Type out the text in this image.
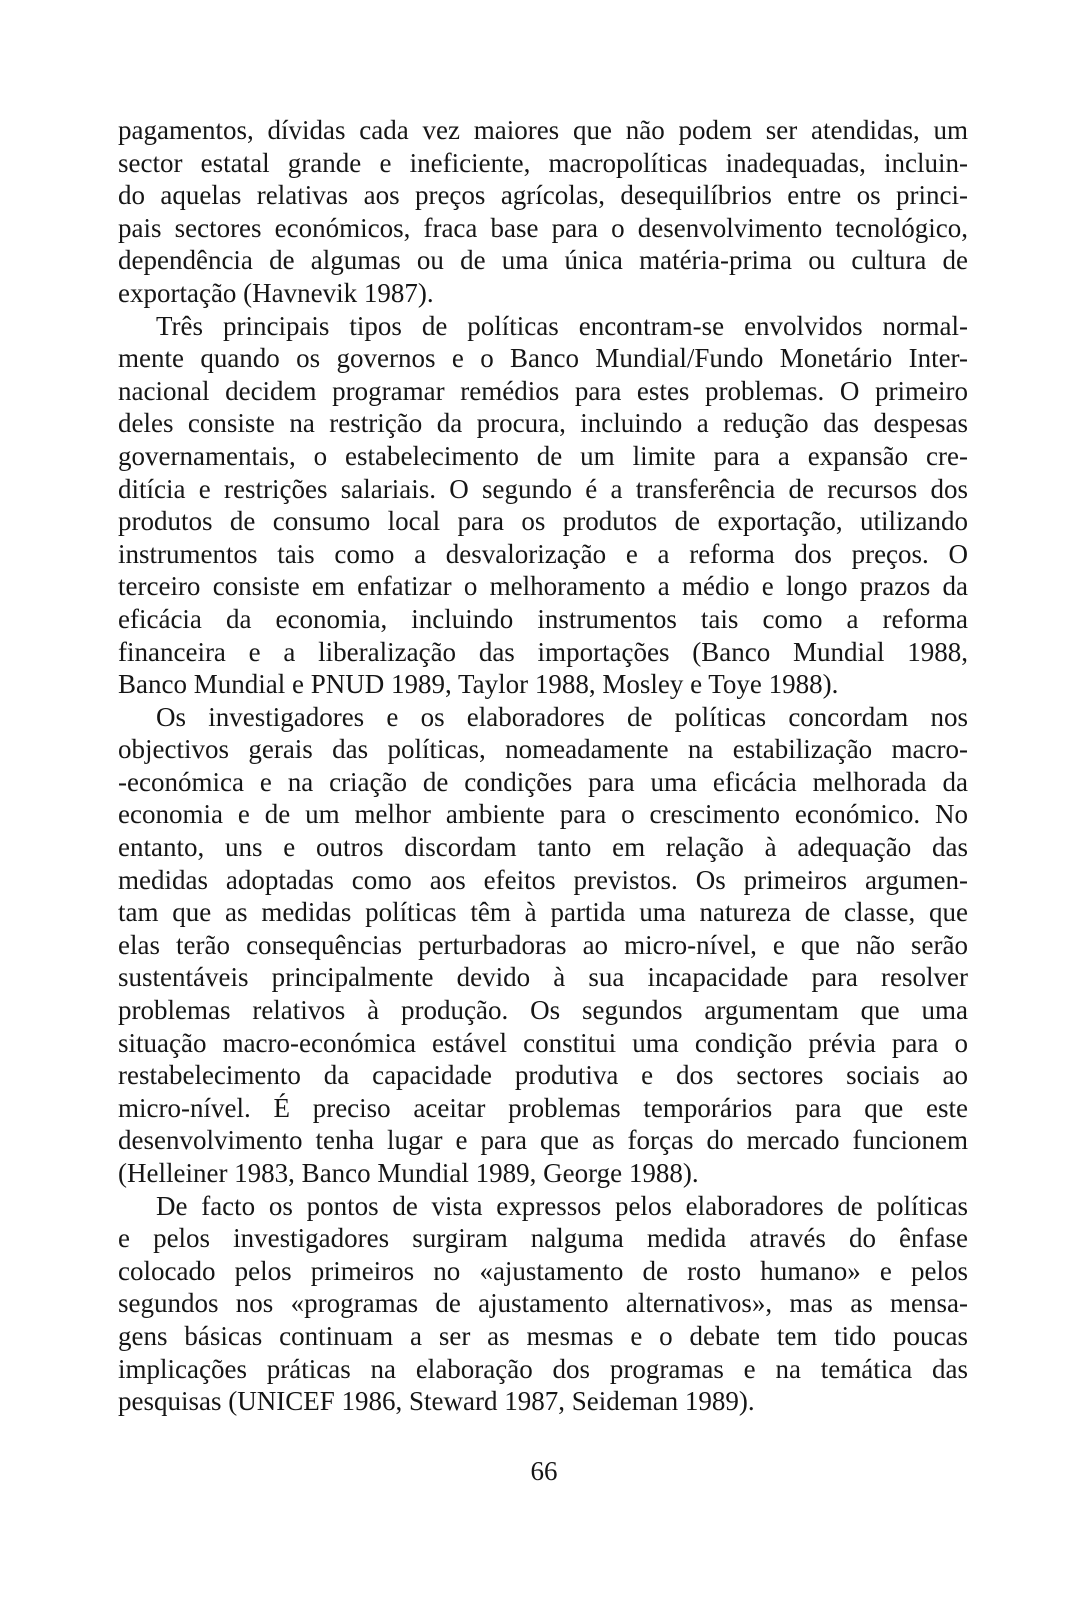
pagamentos, dívidas cada vez maiores que não podem ser atendidas, um
sector estatal grande e ineficiente, macropolíticas inadequadas, incluin-
do aquelas relativas aos preços agrícolas, desequilíbrios entre os princi-
pais sectores económicos, fraca base para o desenvolvimento tecnológico,
dependência de algumas ou de uma única matéria-prima ou cultura de
exportação (Havnevik 1987).
Três principais tipos de políticas encontram-se envolvidos normal-
mente quando os governos e o Banco Mundial/Fundo Monetário Inter-
nacional decidem programar remédios para estes problemas. O primeiro
deles consiste na restrição da procura, incluindo a redução das despesas
governamentais, o estabelecimento de um limite para a expansão cre-
ditícia e restrições salariais. O segundo é a transferência de recursos dos
produtos de consumo local para os produtos de exportação, utilizando
instrumentos tais como a desvalorização e a reforma dos preços. O
terceiro consiste em enfatizar o melhoramento a médio e longo prazos da
eficácia da economia, incluindo instrumentos tais como a reforma
financeira e a liberalização das importações (Banco Mundial 1988,
Banco Mundial e PNUD 1989, Taylor 1988, Mosley e Toye 1988).
Os investigadores e os elaboradores de políticas concordam nos
objectivos gerais das políticas, nomeadamente na estabilização macro-
-económica e na criação de condições para uma eficácia melhorada da
economia e de um melhor ambiente para o crescimento económico. No
entanto, uns e outros discordam tanto em relação à adequação das
medidas adoptadas como aos efeitos previstos. Os primeiros argumen-
tam que as medidas políticas têm à partida uma natureza de classe, que
elas terão consequências perturbadoras ao micro-nível, e que não serão
sustentáveis principalmente devido à sua incapacidade para resolver
problemas relativos à produção. Os segundos argumentam que uma
situação macro-económica estável constitui uma condição prévia para o
restabelecimento da capacidade produtiva e dos sectores sociais ao
micro-nível. É preciso aceitar problemas temporários para que este
desenvolvimento tenha lugar e para que as forças do mercado funcionem
(Helleiner 1983, Banco Mundial 1989, George 1988).
De facto os pontos de vista expressos pelos elaboradores de políticas
e pelos investigadores surgiram nalguma medida através do ênfase
colocado pelos primeiros no «ajustamento de rosto humano» e pelos
segundos nos «programas de ajustamento alternativos», mas as mensa-
gens básicas continuam a ser as mesmas e o debate tem tido poucas
implicações práticas na elaboração dos programas e na temática das
pesquisas (UNICEF 1986, Steward 1987, Seideman 1989).
66
